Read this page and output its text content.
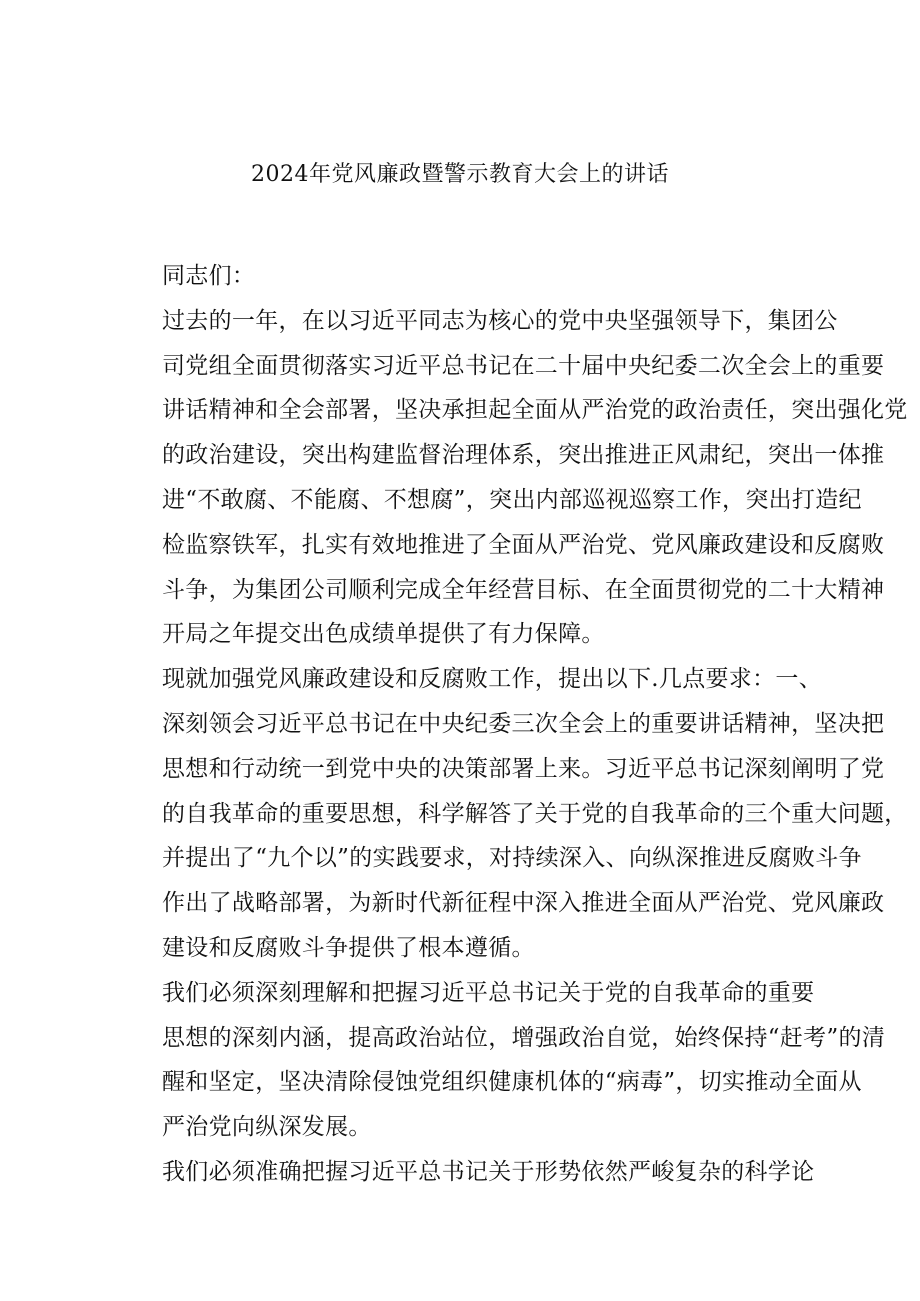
2024年党风廉政暨警示教育大会上的讲话

同志们：

过去的一年，在以习近平同志为核心的党中央坚强领导下，集团公
司党组全面贯彻落实习近平总书记在二十届中央纪委二次全会上的重要
讲话精神和全会部署，坚决承担起全面从严治党的政治责任，突出强化党
的政治建设，突出构建监督治理体系，突出推进正风肃纪，突出一体推
进“不敢腐、不能腐、不想腐”，突出内部巡视巡察工作，突出打造纪
检监察铁军，扎实有效地推进了全面从严治党、党风廉政建设和反腐败
斗争，为集团公司顺利完成全年经营目标、在全面贯彻党的二十大精神
开局之年提交出色成绩单提供了有力保障。

现就加强党风廉政建设和反腐败工作，提出以下.几点要求：一、
深刻领会习近平总书记在中央纪委三次全会上的重要讲话精神，坚决把
思想和行动统一到党中央的决策部署上来。习近平总书记深刻阐明了党
的自我革命的重要思想，科学解答了关于党的自我革命的三个重大问题，
并提出了“九个以”的实践要求，对持续深入、向纵深推进反腐败斗争
作出了战略部署，为新时代新征程中深入推进全面从严治党、党风廉政
建设和反腐败斗争提供了根本遵循。

我们必须深刻理解和把握习近平总书记关于党的自我革命的重要
思想的深刻内涵，提高政治站位，增强政治自觉，始终保持“赶考”的清
醒和坚定，坚决清除侵蚀党组织健康机体的“病毒”，切实推动全面从
严治党向纵深发展。

我们必须准确把握习近平总书记关于形势依然严峻复杂的科学论
